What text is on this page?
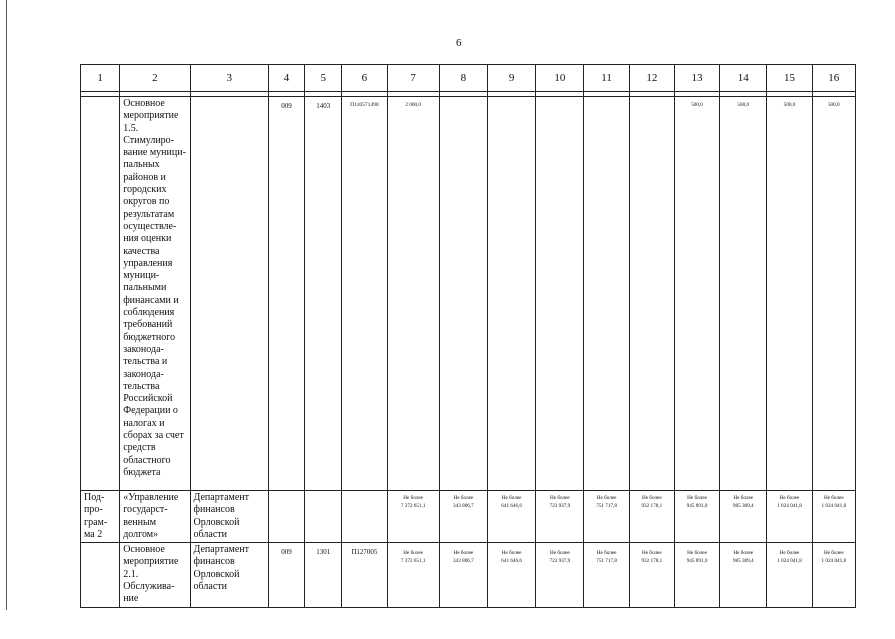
6
1	2	3	4	5	6	7	8	9	10	11	12	13	14	15	16

	Основное мероприятие 1.5. Стимулиро-вание муници-пальных районов и городских округов по результатам осуществле-ния оценки качества управления муници-пальными финансами и соблюдения требований бюджетного законода-тельства и законода-тельства Российской Федерации о налогах и сборах за счет средств областного бюджета		009	1403	П110571490	2 000,0						500,0	500,0	500,0	500,0

Под-
про-
грам-
ма 2	«Управление
государст-
венным
долгом»	Департамент
финансов
Орловской
области				Не более
7 372 651,1	Не более
343 806,7	Не более
641 646,6	Не более
723 937,9	Не более
751 717,8	Не более
932 178,1	Не более
945 891,0	Не более
985 389,4	Не более
1 024 041,8	Не более
1 024 041,8

	Основное
мероприятие
2.1.
Обслужива-
ние	Департамент
финансов
Орловской
области	009	1301	П127005	Не более
7 372 651,1	Не более
343 806,7	Не более
641 646,6	Не более
723 937,9	Не более
751 717,8	Не более
932 178,1	Не более
945 891,0	Не более
985 389,4	Не более
1 024 041,8	Не более
1 024 041,8
